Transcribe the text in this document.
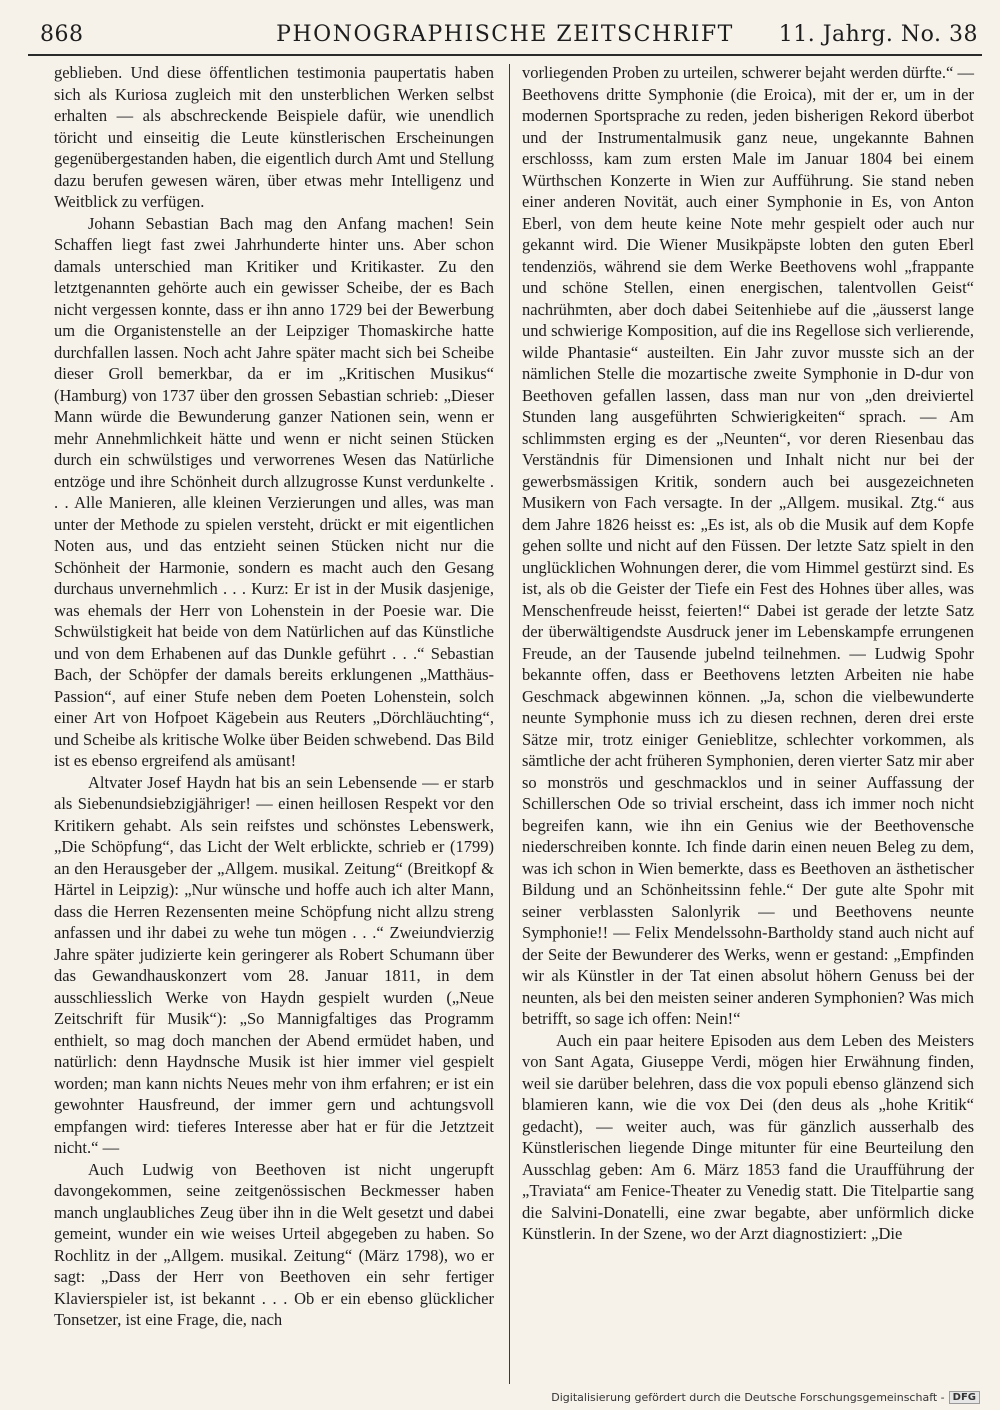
868	PHONOGRAPHISCHE ZEITSCHRIFT	11. Jahrg. No. 38

geblieben. Und diese öffentlichen testimonia paupertatis haben sich als Kuriosa zugleich mit den unsterblichen Werken selbst erhalten — als abschreckende Beispiele dafür, wie unendlich töricht und einseitig die Leute künstlerischen Erscheinungen gegenübergestanden haben, die eigentlich durch Amt und Stellung dazu berufen gewesen wären, über etwas mehr Intelligenz und Weitblick zu verfügen.

Johann Sebastian Bach mag den Anfang machen! Sein Schaffen liegt fast zwei Jahrhunderte hinter uns. Aber schon damals unterschied man Kritiker und Kritikaster. Zu den letztgenannten gehörte auch ein gewisser Scheibe, der es Bach nicht vergessen konnte, dass er ihn anno 1729 bei der Bewerbung um die Organistenstelle an der Leipziger Thomaskirche hatte durchfallen lassen. Noch acht Jahre später macht sich bei Scheibe dieser Groll bemerkbar, da er im „Kritischen Musikus“ (Hamburg) von 1737 über den grossen Sebastian schrieb: „Dieser Mann würde die Bewunderung ganzer Nationen sein, wenn er mehr Annehmlichkeit hätte und wenn er nicht seinen Stücken durch ein schwülstiges und verworrenes Wesen das Natürliche entzöge und ihre Schönheit durch allzugrosse Kunst verdunkelte . . . Alle Manieren, alle kleinen Verzierungen und alles, was man unter der Methode zu spielen versteht, drückt er mit eigentlichen Noten aus, und das entzieht seinen Stücken nicht nur die Schönheit der Harmonie, sondern es macht auch den Gesang durchaus unvernehmlich . . . Kurz: Er ist in der Musik dasjenige, was ehemals der Herr von Lohenstein in der Poesie war. Die Schwülstigkeit hat beide von dem Natürlichen auf das Künstliche und von dem Erhabenen auf das Dunkle geführt . . .“ Sebastian Bach, der Schöpfer der damals bereits erklungenen „Matthäus-Passion“, auf einer Stufe neben dem Poeten Lohenstein, solch einer Art von Hofpoet Kägebein aus Reuters „Dörchläuchting“, und Scheibe als kritische Wolke über Beiden schwebend. Das Bild ist es ebenso ergreifend als amüsant!

Altvater Josef Haydn hat bis an sein Lebensende — er starb als Siebenundsiebzigjähriger! — einen heillosen Respekt vor den Kritikern gehabt. Als sein reifstes und schönstes Lebenswerk, „Die Schöpfung“, das Licht der Welt erblickte, schrieb er (1799) an den Herausgeber der „Allgem. musikal. Zeitung“ (Breitkopf & Härtel in Leipzig): „Nur wünsche und hoffe auch ich alter Mann, dass die Herren Rezensenten meine Schöpfung nicht allzu streng anfassen und ihr dabei zu wehe tun mögen . . .“ Zweiundvierzig Jahre später judizierte kein geringerer als Robert Schumann über das Gewandhauskonzert vom 28. Januar 1811, in dem ausschliesslich Werke von Haydn gespielt wurden („Neue Zeitschrift für Musik“): „So Mannigfaltiges das Programm enthielt, so mag doch manchen der Abend ermüdet haben, und natürlich: denn Haydnsche Musik ist hier immer viel gespielt worden; man kann nichts Neues mehr von ihm erfahren; er ist ein gewohnter Hausfreund, der immer gern und achtungsvoll empfangen wird: tieferes Interesse aber hat er für die Jetztzeit nicht.“ —

Auch Ludwig von Beethoven ist nicht ungerupft davongekommen, seine zeitgenössischen Beckmesser haben manch unglaubliches Zeug über ihn in die Welt gesetzt und dabei gemeint, wunder ein wie weises Urteil abgegeben zu haben. So Rochlitz in der „Allgem. musikal. Zeitung“ (März 1798), wo er sagt: „Dass der Herr von Beethoven ein sehr fertiger Klavierspieler ist, ist bekannt . . . Ob er ein ebenso glücklicher Tonsetzer, ist eine Frage, die, nach

vorliegenden Proben zu urteilen, schwerer bejaht werden dürfte.“ — Beethovens dritte Symphonie (die Eroica), mit der er, um in der modernen Sportsprache zu reden, jeden bisherigen Rekord überbot und der Instrumentalmusik ganz neue, ungekannte Bahnen erschlosss, kam zum ersten Male im Januar 1804 bei einem Würthschen Konzerte in Wien zur Aufführung. Sie stand neben einer anderen Novität, auch einer Symphonie in Es, von Anton Eberl, von dem heute keine Note mehr gespielt oder auch nur gekannt wird. Die Wiener Musikpäpste lobten den guten Eberl tendenziös, während sie dem Werke Beethovens wohl „frappante und schöne Stellen, einen energischen, talentvollen Geist“ nachrühmten, aber doch dabei Seitenhiebe auf die „äusserst lange und schwierige Komposition, auf die ins Regellose sich verlierende, wilde Phantasie“ austeilten. Ein Jahr zuvor musste sich an der nämlichen Stelle die mozartische zweite Symphonie in D-dur von Beethoven gefallen lassen, dass man nur von „den dreiviertel Stunden lang ausgeführten Schwierigkeiten“ sprach. — Am schlimmsten erging es der „Neunten“, vor deren Riesenbau das Verständnis für Dimensionen und Inhalt nicht nur bei der gewerbsmässigen Kritik, sondern auch bei ausgezeichneten Musikern von Fach versagte. In der „Allgem. musikal. Ztg.“ aus dem Jahre 1826 heisst es: „Es ist, als ob die Musik auf dem Kopfe gehen sollte und nicht auf den Füssen. Der letzte Satz spielt in den unglücklichen Wohnungen derer, die vom Himmel gestürzt sind. Es ist, als ob die Geister der Tiefe ein Fest des Hohnes über alles, was Menschenfreude heisst, feierten!“ Dabei ist gerade der letzte Satz der überwältigendste Ausdruck jener im Lebenskampfe errungenen Freude, an der Tausende jubelnd teilnehmen. — Ludwig Spohr bekannte offen, dass er Beethovens letzten Arbeiten nie habe Geschmack abgewinnen können. „Ja, schon die vielbewunderte neunte Symphonie muss ich zu diesen rechnen, deren drei erste Sätze mir, trotz einiger Genieblitze, schlechter vorkommen, als sämtliche der acht früheren Symphonien, deren vierter Satz mir aber so monströs und geschmacklos und in seiner Auffassung der Schillerschen Ode so trivial erscheint, dass ich immer noch nicht begreifen kann, wie ihn ein Genius wie der Beethovensche niederschreiben konnte. Ich finde darin einen neuen Beleg zu dem, was ich schon in Wien bemerkte, dass es Beethoven an ästhetischer Bildung und an Schönheitssinn fehle.“ Der gute alte Spohr mit seiner verblassten Salonlyrik — und Beethovens neunte Symphonie!! — Felix Mendelssohn-Bartholdy stand auch nicht auf der Seite der Bewunderer des Werks, wenn er gestand: „Empfinden wir als Künstler in der Tat einen absolut höhern Genuss bei der neunten, als bei den meisten seiner anderen Symphonien? Was mich betrifft, so sage ich offen: Nein!“

Auch ein paar heitere Episoden aus dem Leben des Meisters von Sant Agata, Giuseppe Verdi, mögen hier Erwähnung finden, weil sie darüber belehren, dass die vox populi ebenso glänzend sich blamieren kann, wie die vox Dei (den deus als „hohe Kritik“ gedacht), — weiter auch, was für gänzlich ausserhalb des Künstlerischen liegende Dinge mitunter für eine Beurteilung den Ausschlag geben: Am 6. März 1853 fand die Uraufführung der „Traviata“ am Fenice-Theater zu Venedig statt. Die Titelpartie sang die Salvini-Donatelli, eine zwar begabte, aber unförmlich dicke Künstlerin. In der Szene, wo der Arzt diagnostiziert: „Die

Digitalisierung gefördert durch die Deutsche Forschungsgemeinschaft - DFG
